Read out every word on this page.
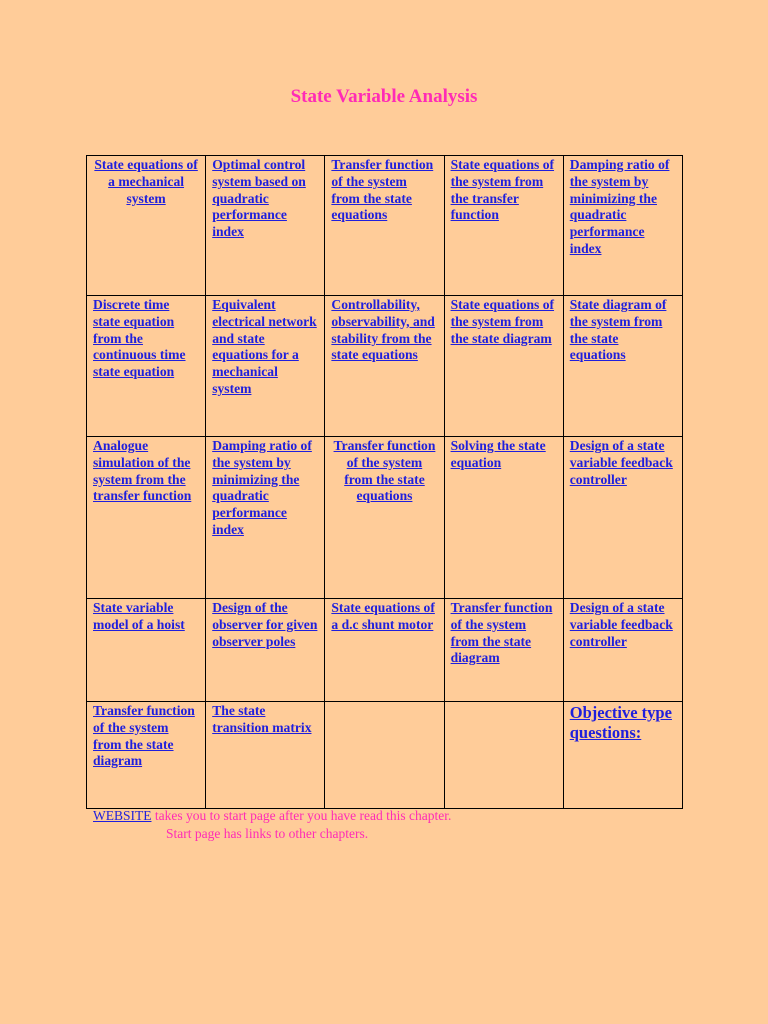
State Variable Analysis
State equations of a mechanical system	Optimal control system based on quadratic performance index	Transfer function of the system from the state equations	State equations of the system from the transfer function	Damping ratio of the system by minimizing the quadratic performance index

Discrete time state equation from the continuous time state equation	Equivalent electrical network and state equations for a mechanical system	Controllability, observability, and stability from the state equations	State equations of the system from the state diagram	State diagram of the system from the state equations

Analogue simulation of the system from the transfer function	Damping ratio of the system by minimizing the quadratic performance index	Transfer function of the system from the state equations	Solving the state equation	Design of a state variable feedback controller

State variable model of a hoist	Design of the observer for given observer poles	State equations of a d.c shunt motor	Transfer function of the system from the state diagram	Design of a state variable feedback controller

Transfer function of the system from the state diagram	The state transition matrix			Objective type questions:
WEBSITE takes you to start page after you have read this chapter.
Start page has links to other chapters.
